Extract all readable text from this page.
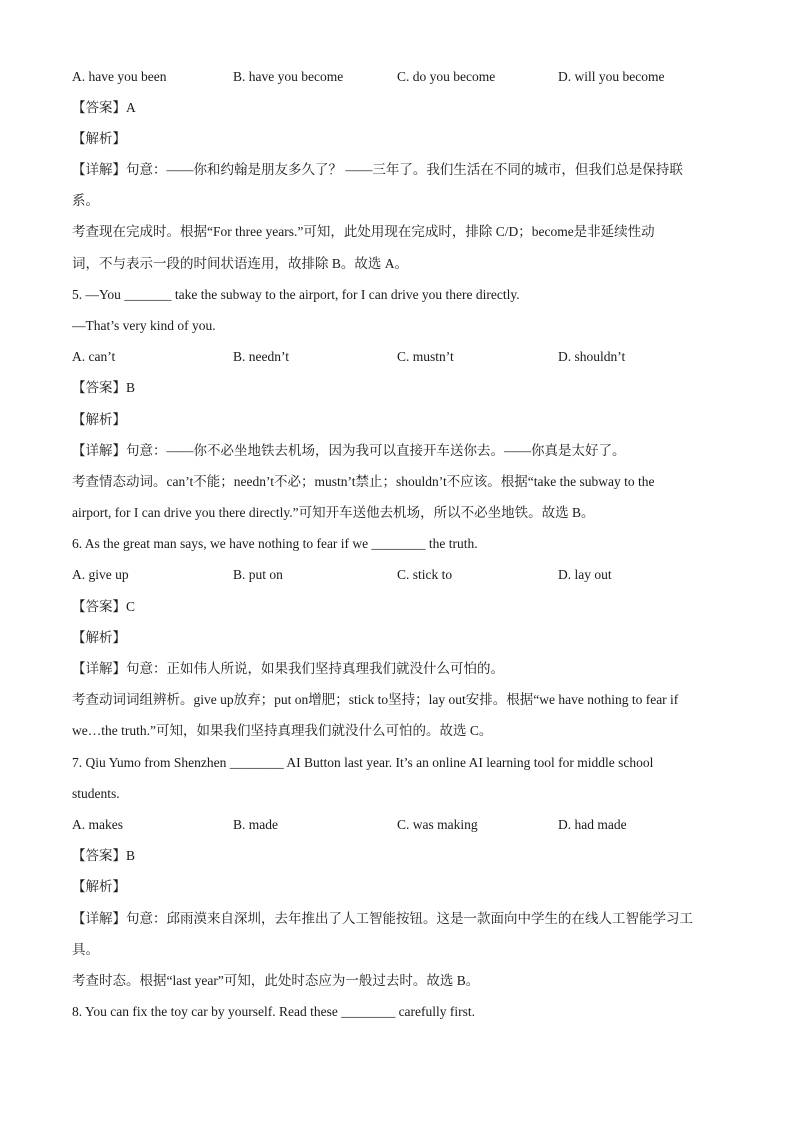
A. have you been	B. have you become	C. do you become	D. will you become
【答案】A
【解析】
【详解】句意：——你和约翰是朋友多久了？ ——三年了。我们生活在不同的城市，但我们总是保持联
系。
考查现在完成时。根据“For three years.”可知，此处用现在完成时，排除 C/D；become是非延续性动
词，不与表示一段的时间状语连用，故排除 B。故选 A。
5. —You _______ take the subway to the airport, for I can drive you there directly.
—That’s very kind of you.
A. can’t	B. needn’t	C. mustn’t	D. shouldn’t
【答案】B
【解析】
【详解】句意：——你不必坐地铁去机场，因为我可以直接开车送你去。——你真是太好了。
考查情态动词。can’t不能；needn’t不必；mustn’t禁止；shouldn’t不应该。根据“take the subway to the
airport, for I can drive you there directly.”可知开车送他去机场，所以不必坐地铁。故选 B。
6. As the great man says, we have nothing to fear if we ________ the truth.
A. give up	B. put on	C. stick to	D. lay out
【答案】C
【解析】
【详解】句意：正如伟人所说，如果我们坚持真理我们就没什么可怕的。
考查动词词组辨析。give up放弃；put on增肥；stick to坚持；lay out安排。根据“we have nothing to fear if
we…the truth.”可知，如果我们坚持真理我们就没什么可怕的。故选 C。
7. Qiu Yumo from Shenzhen ________ AI Button last year. It’s an online AI learning tool for middle school
students.
A. makes	B. made	C. was making	D. had made
【答案】B
【解析】
【详解】句意：邱雨漠来自深圳，去年推出了人工智能按钮。这是一款面向中学生的在线人工智能学习工
具。
考查时态。根据“last year”可知，此处时态应为一般过去时。故选 B。
8. You can fix the toy car by yourself. Read these ________ carefully first.
